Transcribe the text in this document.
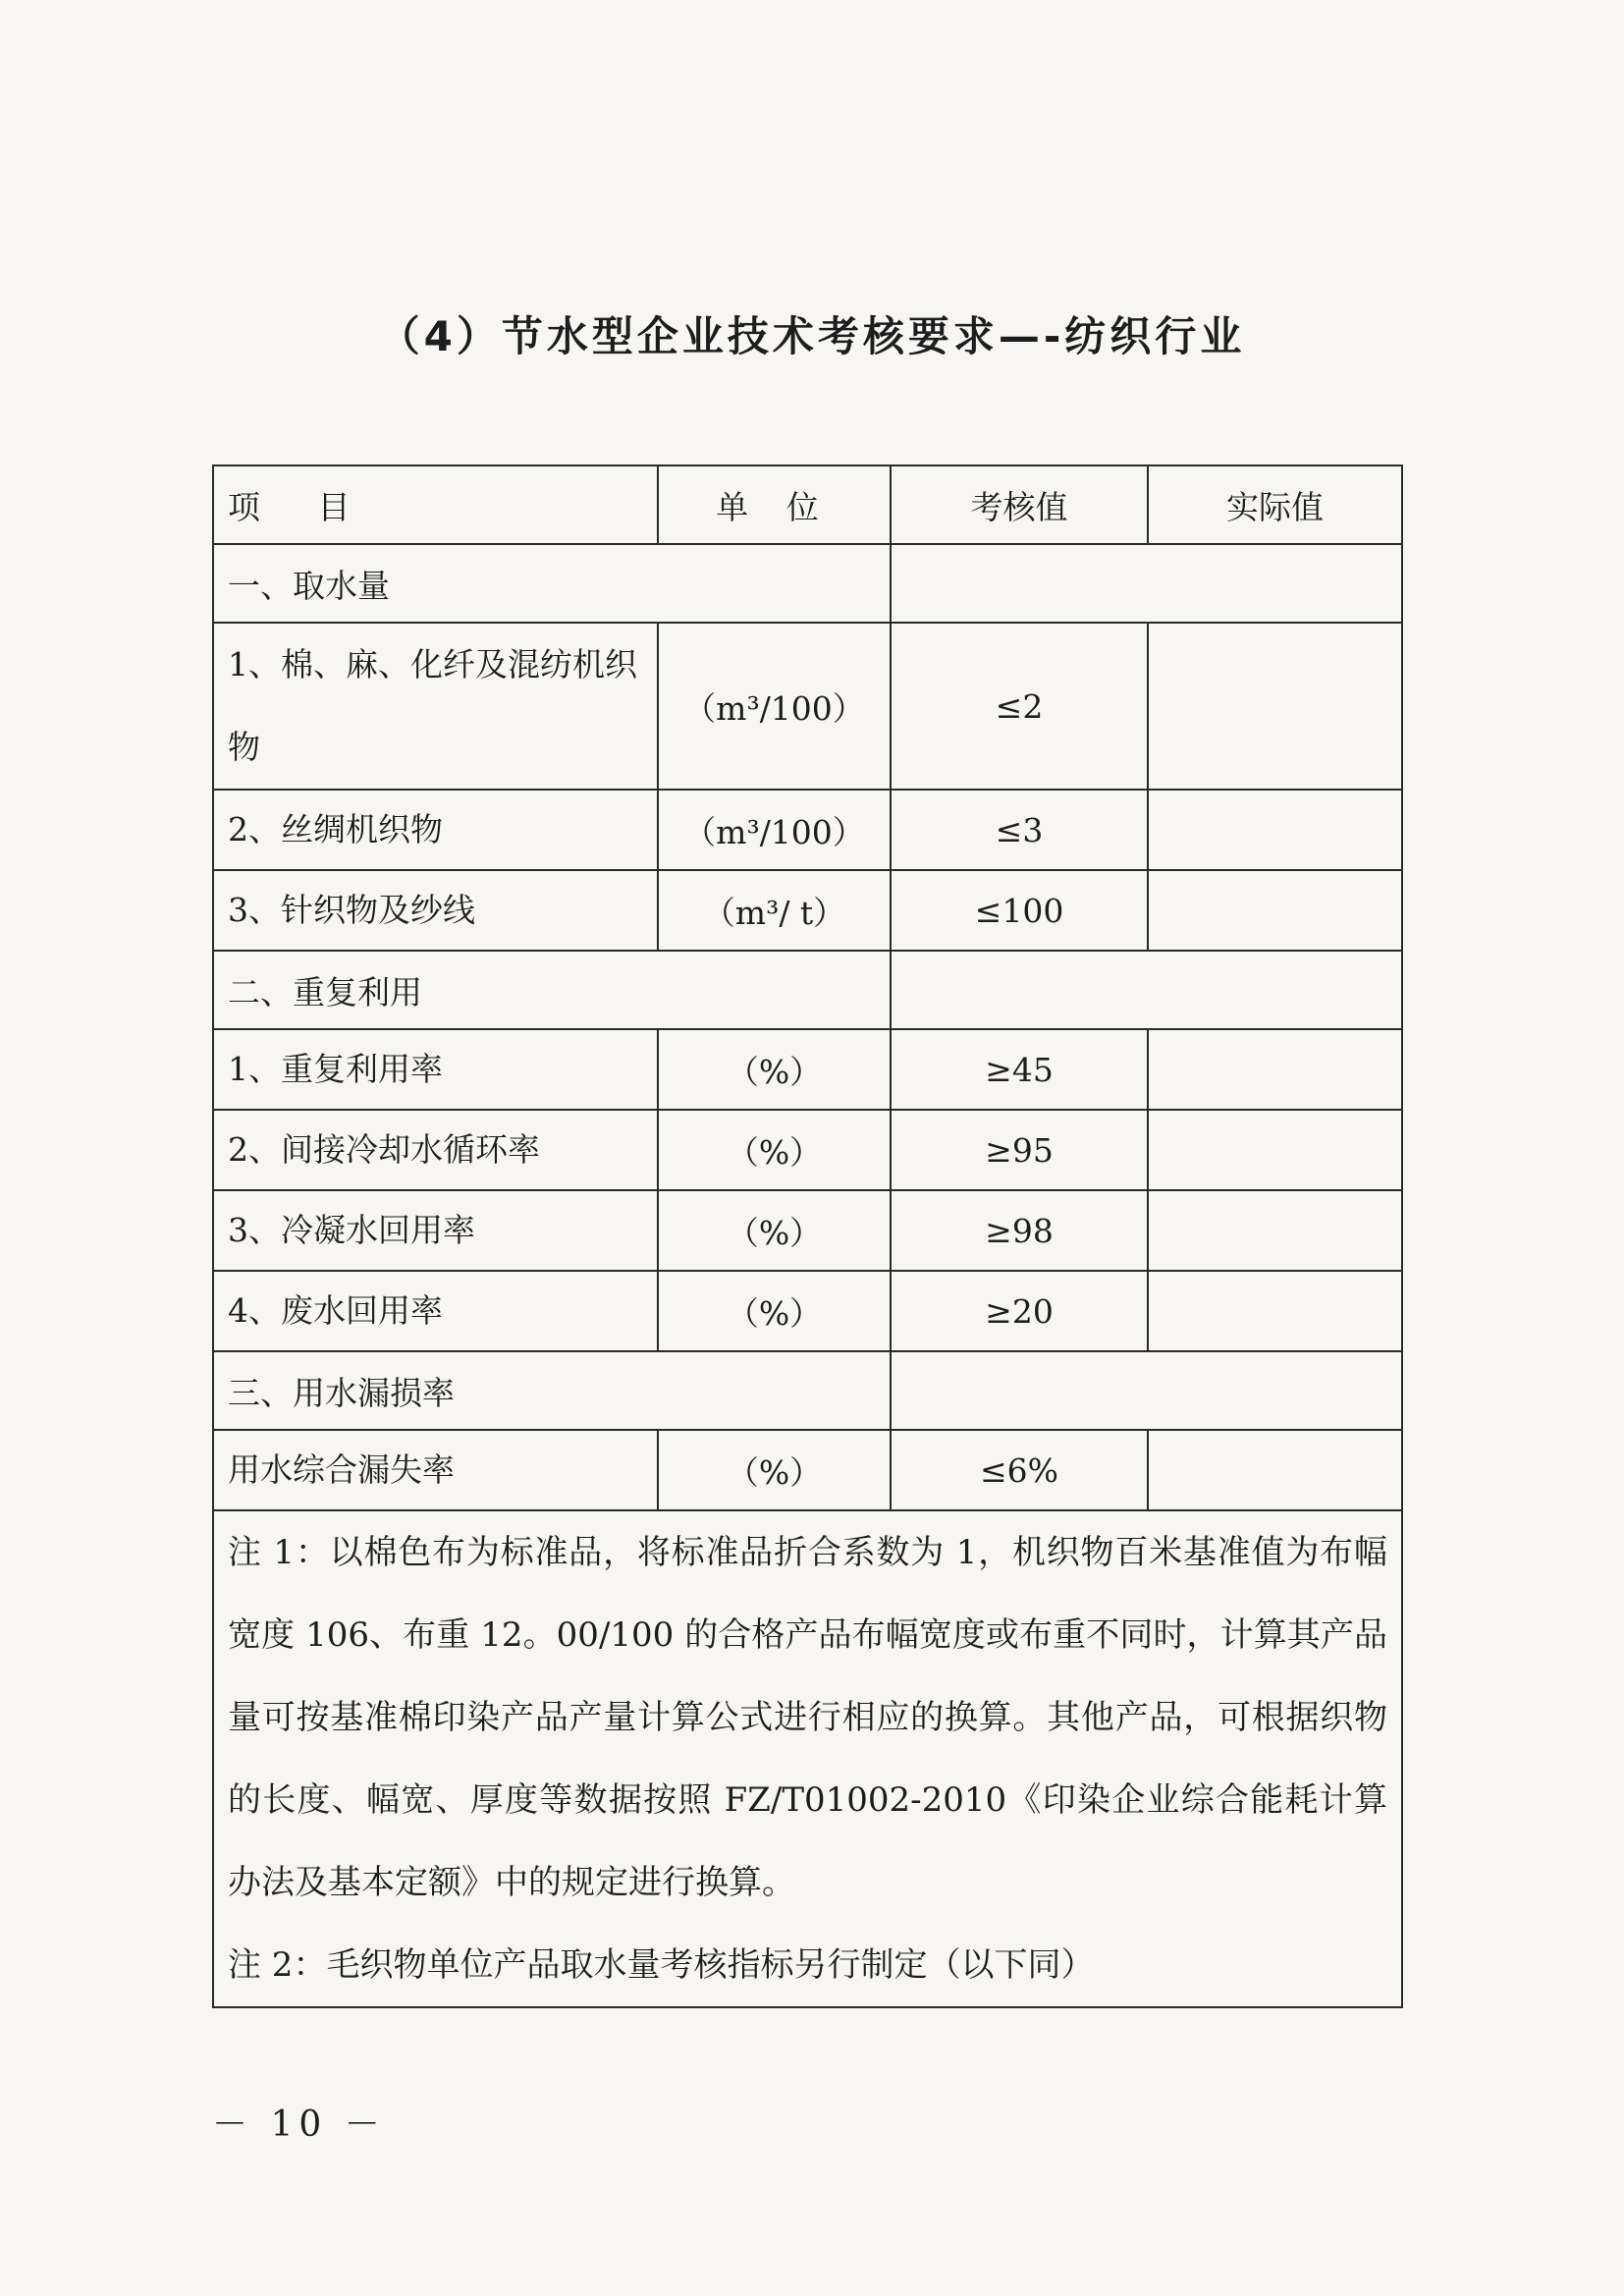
（4）节水型企业技术考核要求—-纺织行业
项 目	单 位	考核值	实际值
一、取水量			
1、棉、麻、化纤及混纺机织物	（m³/100）	≤2	
2、丝绸机织物	（m³/100）	≤3	
3、针织物及纱线	（m³/ t）	≤100	
二、重复利用			
1、重复利用率	（%）	≥45	
2、间接冷却水循环率	（%）	≥95	
3、冷凝水回用率	（%）	≥98	
4、废水回用率	（%）	≥20	
三、用水漏损率			
用水综合漏失率	（%）	≤6%	

注 1：以棉色布为标准品，将标准品折合系数为 1，机织物百米基准值为布幅宽度 106、布重 12。00/100 的合格产品布幅宽度或布重不同时，计算其产品量可按基准棉印染产品产量计算公式进行相应的换算。其他产品，可根据织物的长度、幅宽、厚度等数据按照 FZ/T01002-2010《印染企业综合能耗计算办法及基本定额》中的规定进行换算。

注 2：毛织物单位产品取水量考核指标另行制定（以下同）			

－ 10 －
